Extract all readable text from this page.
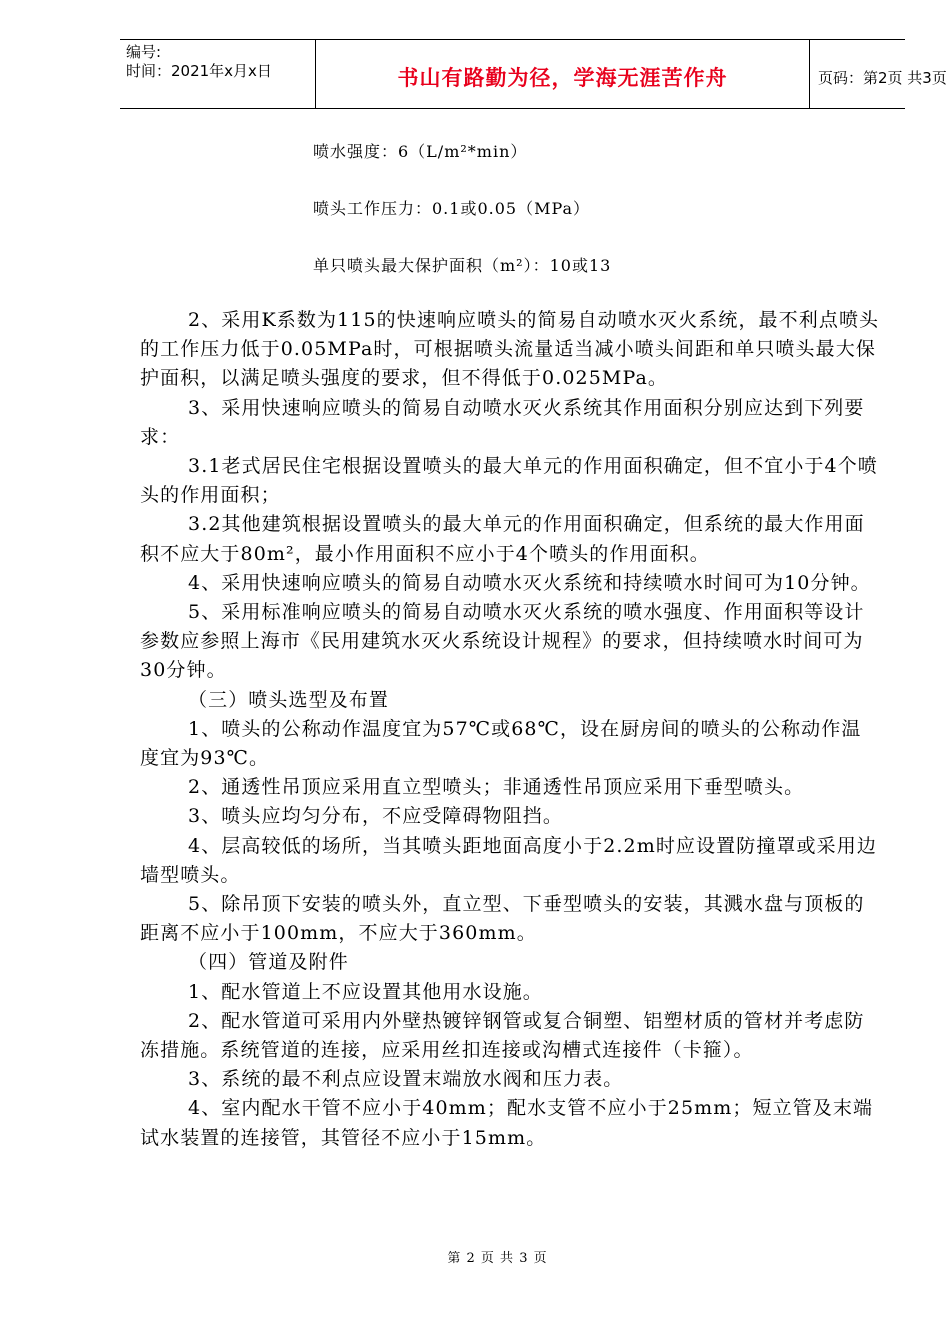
编号:
时间：2021年x月x日	书山有路勤为径，学海无涯苦作舟	页码：第2页 共3页
喷水强度：6（L/m²*min）
喷头工作压力：0.1或0.05（MPa）
单只喷头最大保护面积（m²）：10或13

2、采用K系数为115的快速响应喷头的简易自动喷水灭火系统，最不利点喷头的工作压力低于0.05MPa时，可根据喷头流量适当减小喷头间距和单只喷头最大保护面积，以满足喷头强度的要求，但不得低于0.025MPa。

3、采用快速响应喷头的简易自动喷水灭火系统其作用面积分别应达到下列要求：

3.1老式居民住宅根据设置喷头的最大单元的作用面积确定，但不宜小于4个喷头的作用面积；

3.2其他建筑根据设置喷头的最大单元的作用面积确定，但系统的最大作用面积不应大于80m²，最小作用面积不应小于4个喷头的作用面积。

4、采用快速响应喷头的简易自动喷水灭火系统和持续喷水时间可为10分钟。

5、采用标准响应喷头的简易自动喷水灭火系统的喷水强度、作用面积等设计参数应参照上海市《民用建筑水灭火系统设计规程》的要求，但持续喷水时间可为30分钟。

（三）喷头选型及布置

1、喷头的公称动作温度宜为57℃或68℃，设在厨房间的喷头的公称动作温度宜为93℃。

2、通透性吊顶应采用直立型喷头；非通透性吊顶应采用下垂型喷头。

3、喷头应均匀分布，不应受障碍物阻挡。

4、层高较低的场所，当其喷头距地面高度小于2.2m时应设置防撞罩或采用边墙型喷头。

5、除吊顶下安装的喷头外，直立型、下垂型喷头的安装，其溅水盘与顶板的距离不应小于100mm，不应大于360mm。

（四）管道及附件

1、配水管道上不应设置其他用水设施。

2、配水管道可采用内外壁热镀锌钢管或复合铜塑、铝塑材质的管材并考虑防冻措施。系统管道的连接，应采用丝扣连接或沟槽式连接件（卡箍）。

3、系统的最不利点应设置末端放水阀和压力表。

4、室内配水干管不应小于40mm；配水支管不应小于25mm；短立管及末端试水装置的连接管，其管径不应小于15mm。

第 2 页 共 3 页
